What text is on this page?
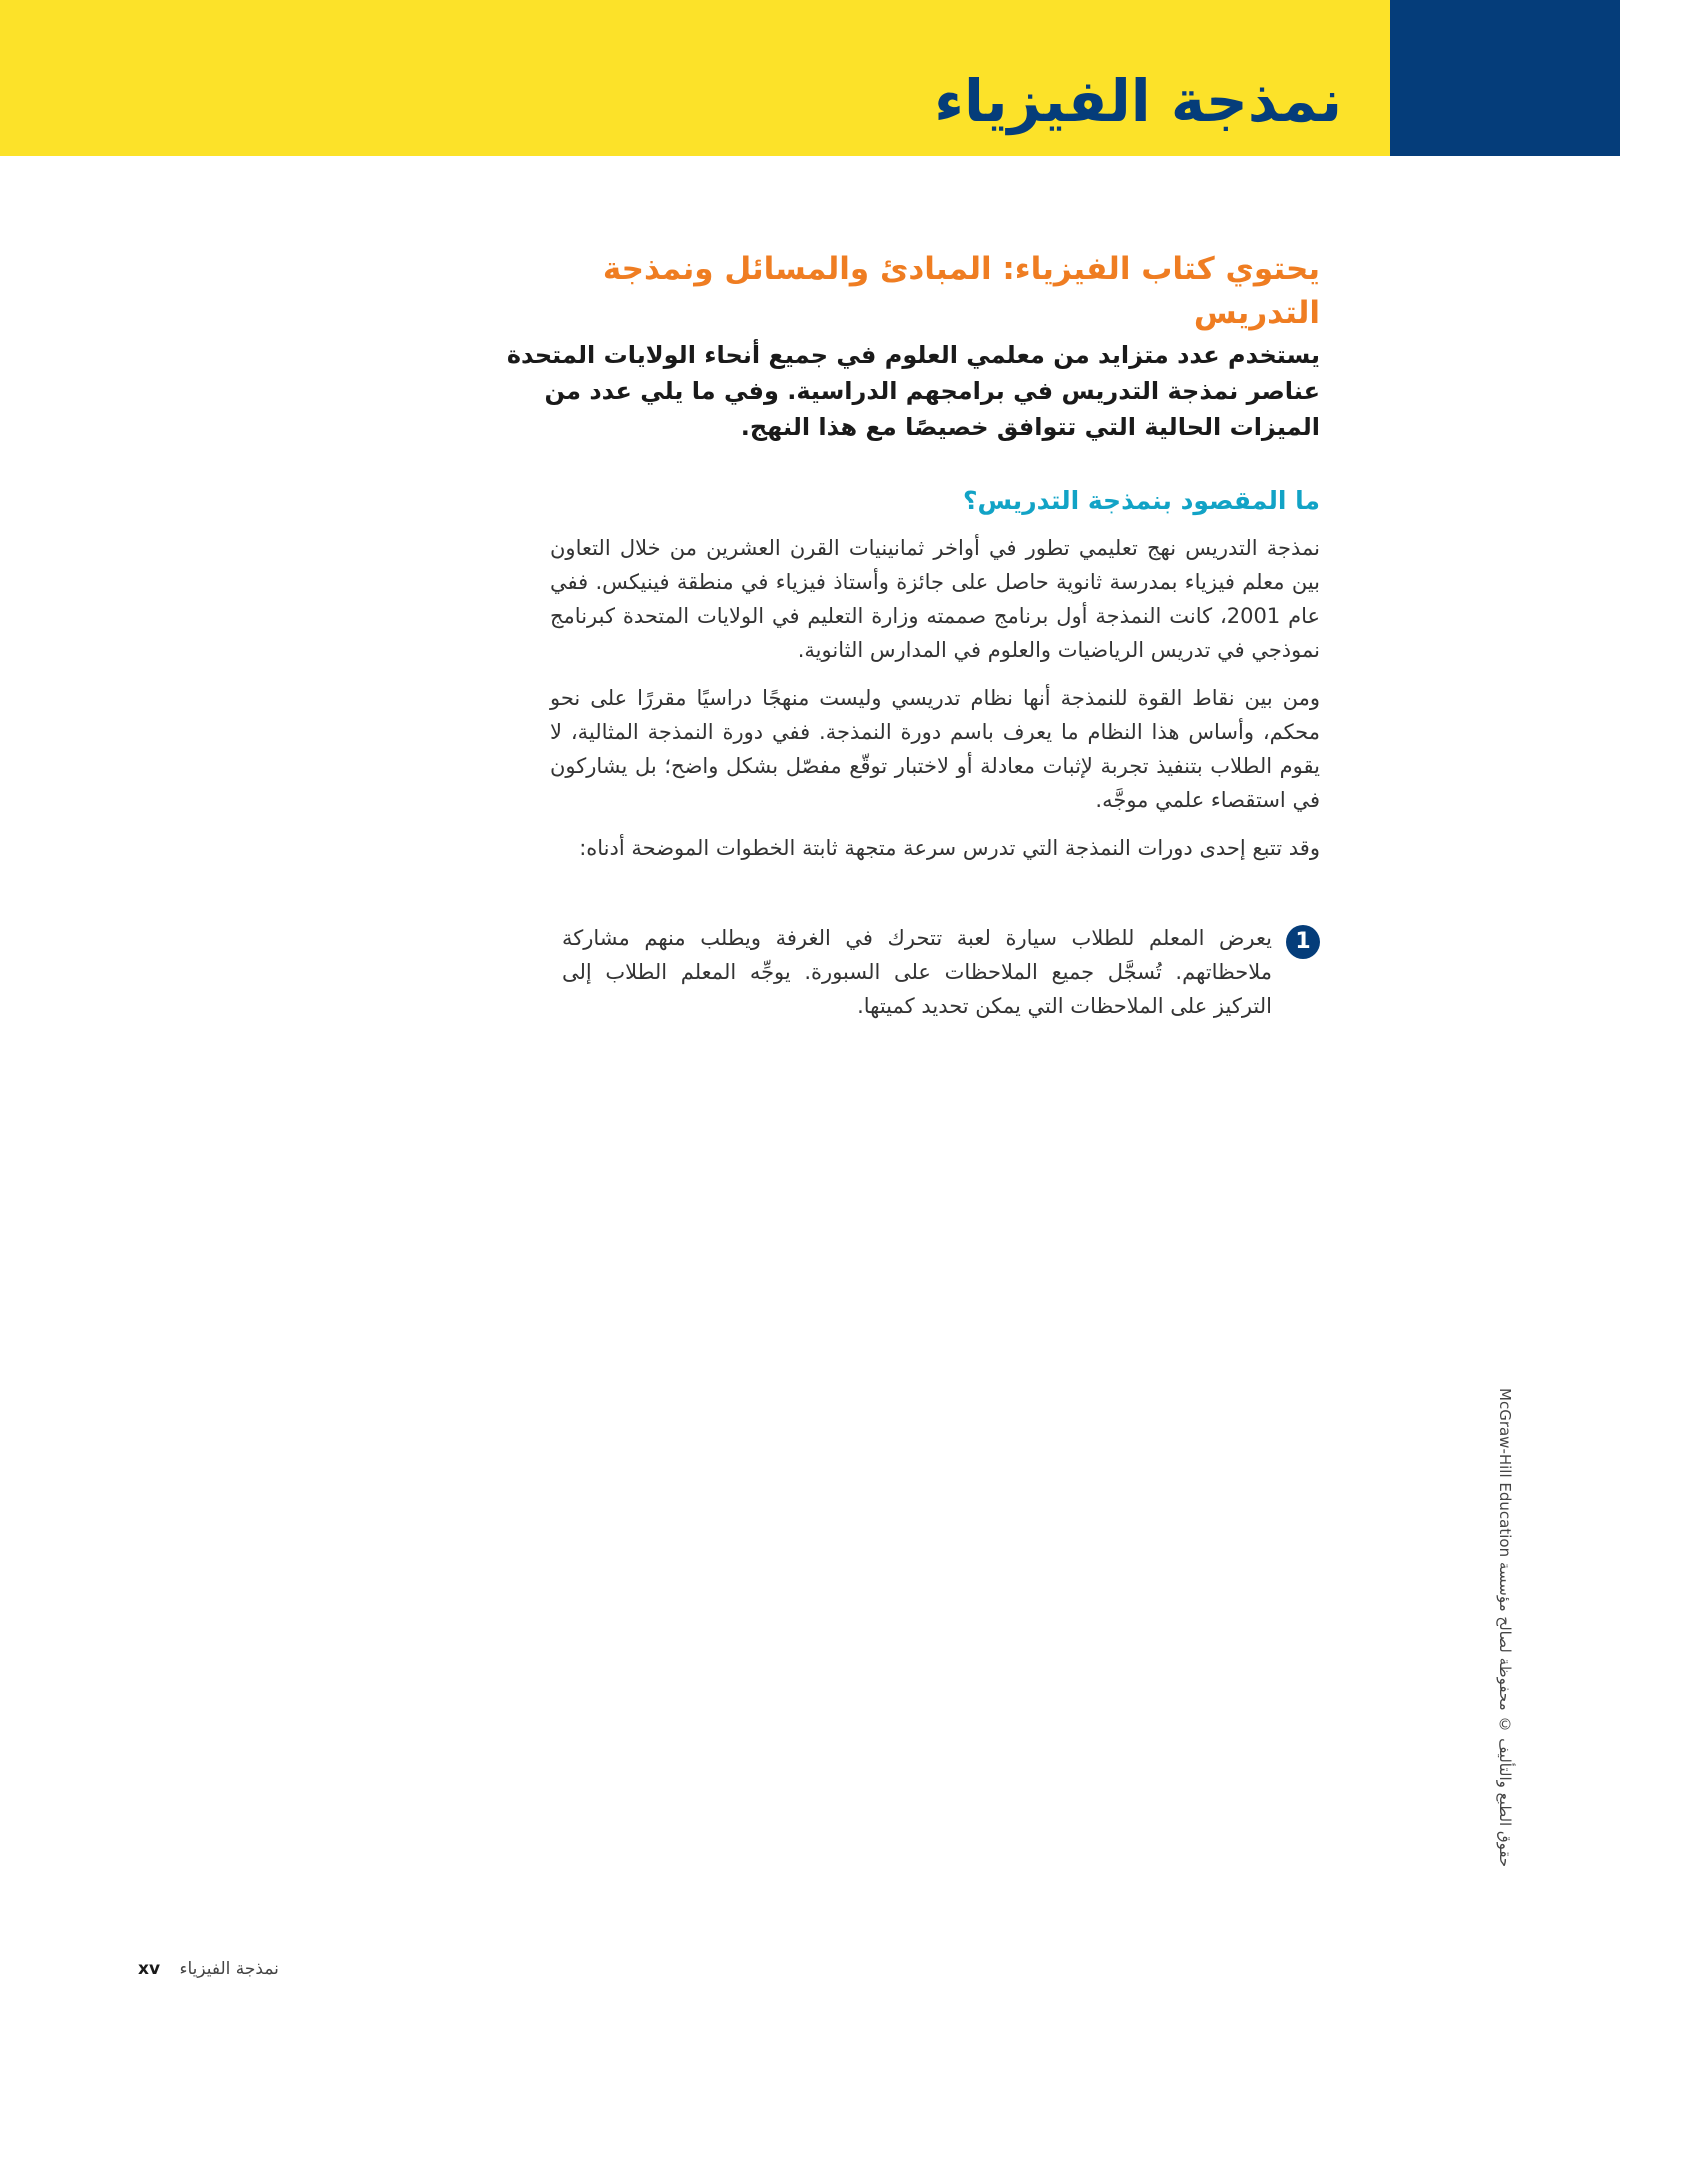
نمذجة الفيزياء
يحتوي كتاب الفيزياء: المبادئ والمسائل ونمذجة التدريس

يستخدم عدد متزايد من معلمي العلوم في جميع أنحاء الولايات المتحدة عناصر نمذجة التدريس في برامجهم الدراسية. وفي ما يلي عدد من الميزات الحالية التي تتوافق خصيصًا مع هذا النهج.

ما المقصود بنمذجة التدريس؟

نمذجة التدريس نهج تعليمي تطور في أواخر ثمانينيات القرن العشرين من خلال التعاون بين معلم فيزياء بمدرسة ثانوية حاصل على جائزة وأستاذ فيزياء في منطقة فينيكس. ففي عام 2001، كانت النمذجة أول برنامج صممته وزارة التعليم في الولايات المتحدة كبرنامج نموذجي في تدريس الرياضيات والعلوم في المدارس الثانوية.

ومن بين نقاط القوة للنمذجة أنها نظام تدريسي وليست منهجًا دراسيًا مقررًا على نحو محكم، وأساس هذا النظام ما يعرف باسم دورة النمذجة. ففي دورة النمذجة المثالية، لا يقوم الطلاب بتنفيذ تجربة لإثبات معادلة أو لاختبار توقّع مفصّل بشكل واضح؛ بل يشاركون في استقصاء علمي موجَّه.

وقد تتبع إحدى دورات النمذجة التي تدرس سرعة متجهة ثابتة الخطوات الموضحة أدناه:

1

يعرض المعلم للطلاب سيارة لعبة تتحرك في الغرفة ويطلب منهم مشاركة ملاحظاتهم. تُسجَّل جميع الملاحظات على السبورة. يوجِّه المعلم الطلاب إلى التركيز على الملاحظات التي يمكن تحديد كميتها.

McGraw-Hill Education حقوق الطبع والتأليف © محفوظة لصالح مؤسسة
xv نمذجة الفيزياء
